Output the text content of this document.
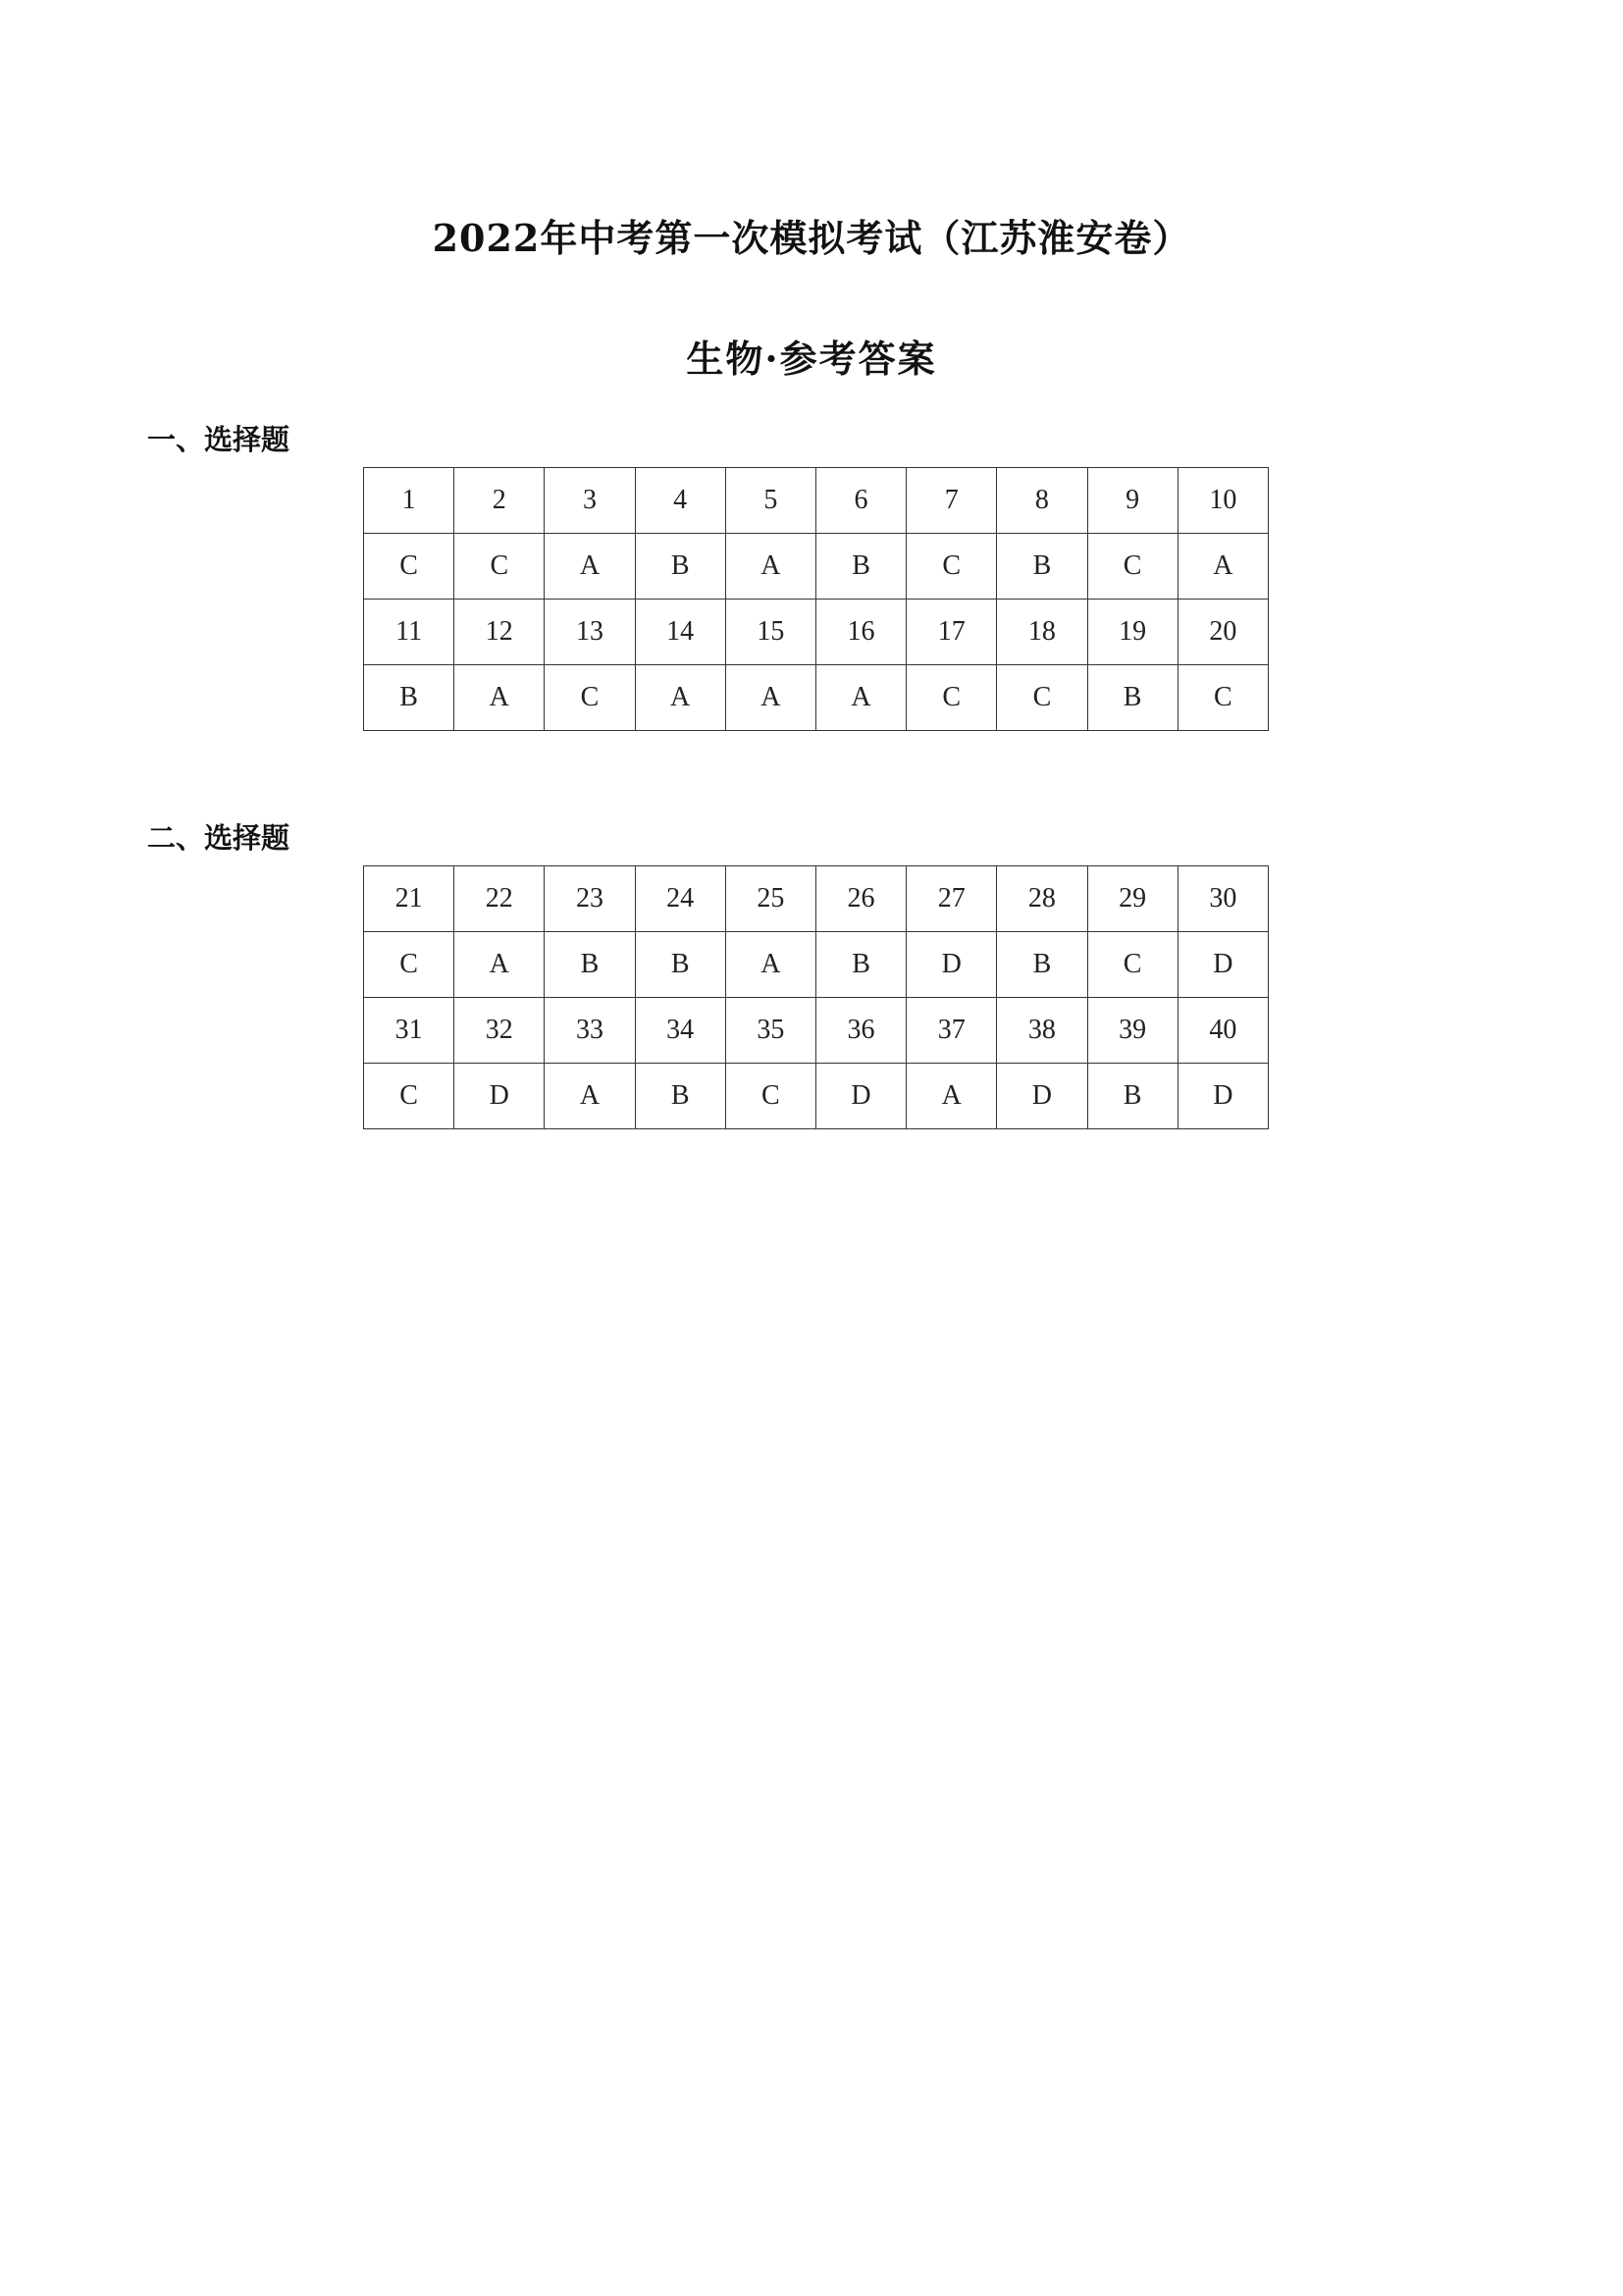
2022年中考第一次模拟考试（江苏淮安卷）
生物·参考答案
一、选择题
1	2	3	4	5	6	7	8	9	10
C	C	A	B	A	B	C	B	C	A
11	12	13	14	15	16	17	18	19	20
B	A	C	A	A	A	C	C	B	C
二、选择题
21	22	23	24	25	26	27	28	29	30
C	A	B	B	A	B	D	B	C	D
31	32	33	34	35	36	37	38	39	40
C	D	A	B	C	D	A	D	B	D
